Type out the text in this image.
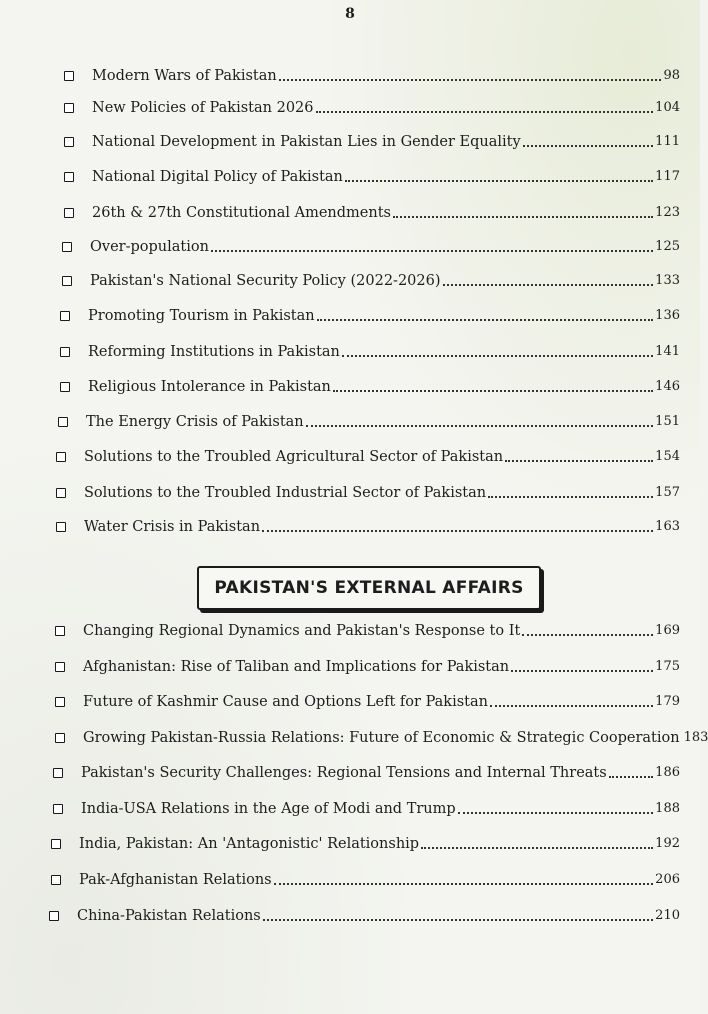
8
Modern Wars of Pakistan	98
New Policies of Pakistan 2026	104
National Development in Pakistan Lies in Gender Equality	111
National Digital Policy of Pakistan	117
26th & 27th Constitutional Amendments	123
Over-population	125
Pakistan's National Security Policy (2022-2026)	133
Promoting Tourism in Pakistan	136
Reforming Institutions in Pakistan	141
Religious Intolerance in Pakistan	146
The Energy Crisis of Pakistan	151
Solutions to the Troubled Agricultural Sector of Pakistan	154
Solutions to the Troubled Industrial Sector of Pakistan	157
Water Crisis in Pakistan	163
PAKISTAN'S EXTERNAL AFFAIRS
Changing Regional Dynamics and Pakistan's Response to It	169
Afghanistan: Rise of Taliban and Implications for Pakistan	175
Future of Kashmir Cause and Options Left for Pakistan	179
Growing Pakistan-Russia Relations: Future of Economic & Strategic Cooperation 183
Pakistan's Security Challenges: Regional Tensions and Internal Threats	186
India-USA Relations in the Age of Modi and Trump	188
India, Pakistan: An 'Antagonistic' Relationship	192
Pak-Afghanistan Relations	206
China-Pakistan Relations	210
